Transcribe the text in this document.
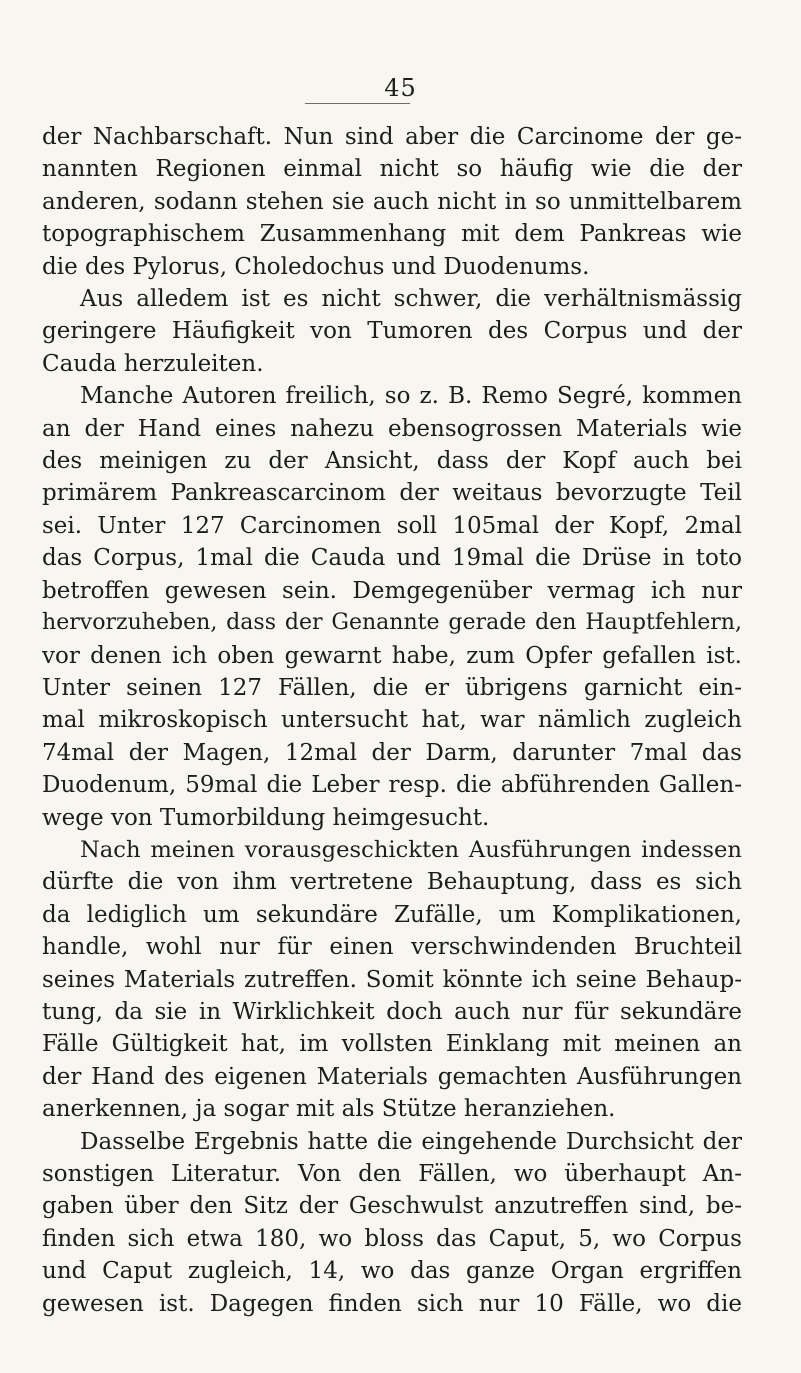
45
der Nachbarschaft. Nun sind aber die Carcinome der ge-
nannten Regionen einmal nicht so häufig wie die der
anderen, sodann stehen sie auch nicht in so unmittelbarem
topographischem Zusammenhang mit dem Pankreas wie
die des Pylorus, Choledochus und Duodenums.
Aus alledem ist es nicht schwer, die verhältnismässig
geringere Häufigkeit von Tumoren des Corpus und der
Cauda herzuleiten.
Manche Autoren freilich, so z. B. Remo Segré, kommen
an der Hand eines nahezu ebensogrossen Materials wie
des meinigen zu der Ansicht, dass der Kopf auch bei
primärem Pankreascarcinom der weitaus bevorzugte Teil
sei. Unter 127 Carcinomen soll 105mal der Kopf, 2mal
das Corpus, 1mal die Cauda und 19mal die Drüse in toto
betroffen gewesen sein. Demgegenüber vermag ich nur
hervorzuheben, dass der Genannte gerade den Hauptfehlern,
vor denen ich oben gewarnt habe, zum Opfer gefallen ist.
Unter seinen 127 Fällen, die er übrigens garnicht ein-
mal mikroskopisch untersucht hat, war nämlich zugleich
74mal der Magen, 12mal der Darm, darunter 7mal das
Duodenum, 59mal die Leber resp. die abführenden Gallen-
wege von Tumorbildung heimgesucht.
Nach meinen vorausgeschickten Ausführungen indessen
dürfte die von ihm vertretene Behauptung, dass es sich
da lediglich um sekundäre Zufälle, um Komplikationen,
handle, wohl nur für einen verschwindenden Bruchteil
seines Materials zutreffen. Somit könnte ich seine Behaup-
tung, da sie in Wirklichkeit doch auch nur für sekundäre
Fälle Gültigkeit hat, im vollsten Einklang mit meinen an
der Hand des eigenen Materials gemachten Ausführungen
anerkennen, ja sogar mit als Stütze heranziehen.
Dasselbe Ergebnis hatte die eingehende Durchsicht der
sonstigen Literatur. Von den Fällen, wo überhaupt An-
gaben über den Sitz der Geschwulst anzutreffen sind, be-
finden sich etwa 180, wo bloss das Caput, 5, wo Corpus
und Caput zugleich, 14, wo das ganze Organ ergriffen
gewesen ist. Dagegen finden sich nur 10 Fälle, wo die
